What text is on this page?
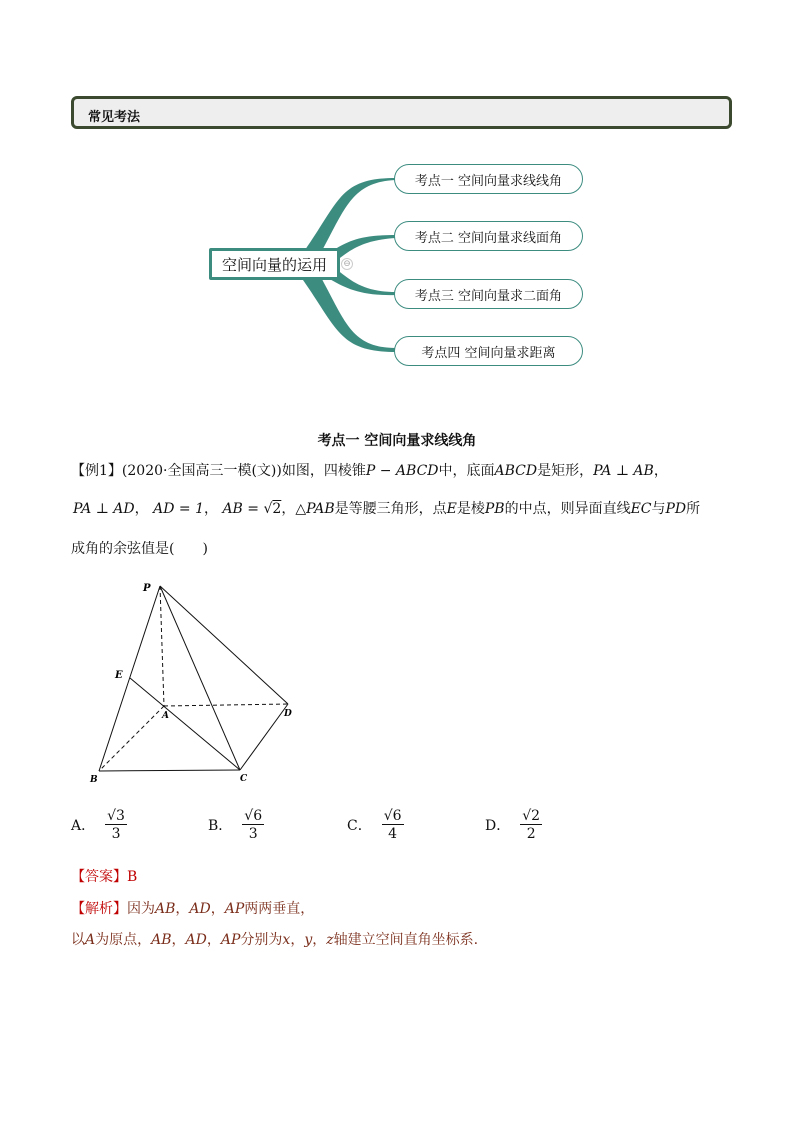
常见考法
空间向量的运用	⊖
考点一 空间向量求线线角
考点二 空间向量求线面角
考点三 空间向量求二面角
考点四 空间向量求距离
考点一 空间向量求线线角
【例1】(2020·全国高三一模(文))如图，四棱锥P − ABCD中，底面ABCD是矩形，PA ⊥ AB，
PA ⊥ AD， AD = 1， AB = √2，△PAB是等腰三角形，点E是棱PB的中点，则异面直线EC与PD所
成角的余弦值是(　　)
P
E
A	D
B	C
A． $\frac{√3}{3}$	B． $\frac{√6}{3}$	C． $\frac{√6}{4}$	D． $\frac{√2}{2}$
【答案】B
【解析】因为AB，AD，AP两两垂直，
以A为原点，AB，AD，AP分别为x，y，z轴建立空间直角坐标系.
